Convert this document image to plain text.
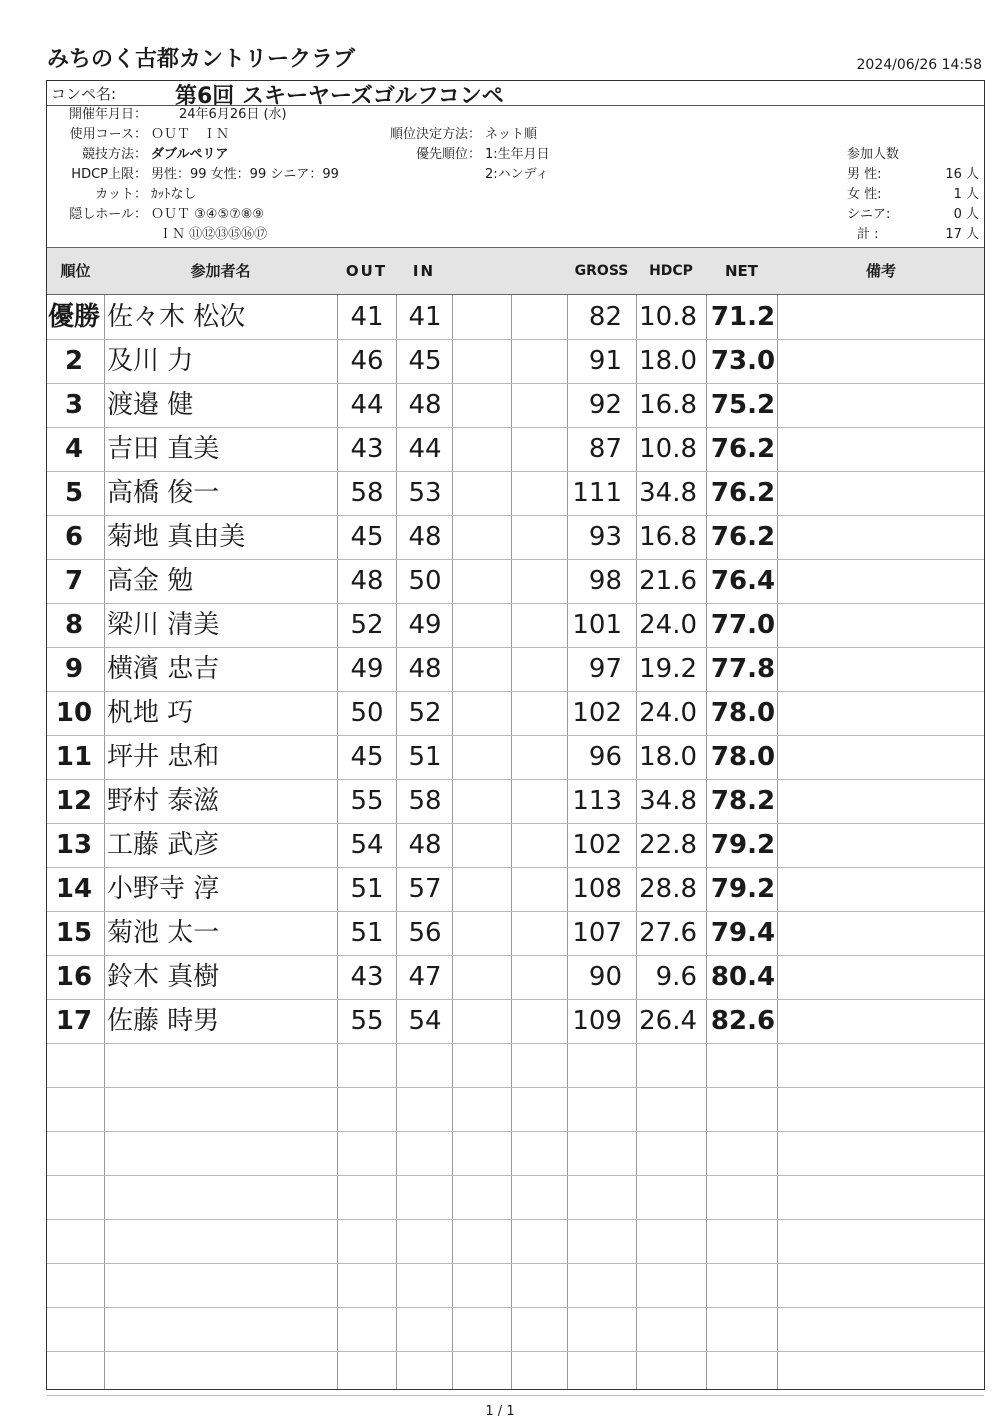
みちのく古都カントリークラブ	2024/06/26 14:58
コンペ名:	第6回 スキーヤーズゴルフコンペ
開催年月日： 24年6月26日 (水)
使用コース： ＯＵＴ　ＩＮ
競技方法： ダブルペリア
HDCP上限： 男性：99 女性：99 シニア：99
カット： ｶｯﾄなし
隠しホール： ＯＵＴ ③④⑤⑦⑧⑨
ＩＮ ⑪⑫⑬⑮⑯⑰
順位決定方法： ネット順
優先順位： 1:生年月日
2:ハンディ
参加人数
男 性:	16 人
女 性:	1 人
シニア:	0 人
計 :	17 人
順位	参加者名	OUT	IN	GROSS	HDCP	NET	備考
優勝 佐々木 松次	41 41	82 10.8 71.2
2 及川 力	46 45	91 18.0 73.0
3 渡邉 健	44 48	92 16.8 75.2
4 吉田 直美	43 44	87 10.8 76.2
5 高橋 俊一	58 53	111 34.8 76.2
6 菊地 真由美	45 48	93 16.8 76.2
7 高金 勉	48 50	98 21.6 76.4
8 梁川 清美	52 49	101 24.0 77.0
9 横濱 忠吉	49 48	97 19.2 77.8
10 杋地 巧	50 52	102 24.0 78.0
11 坪井 忠和	45 51	96 18.0 78.0
12 野村 泰滋	55 58	113 34.8 78.2
13 工藤 武彦	54 48	102 22.8 79.2
14 小野寺 淳	51 57	108 28.8 79.2
15 菊池 太一	51 56	107 27.6 79.4
16 鈴木 真樹	43 47	90	9.6 80.4
17 佐藤 時男	55 54	109 26.4 82.6
1 / 1
